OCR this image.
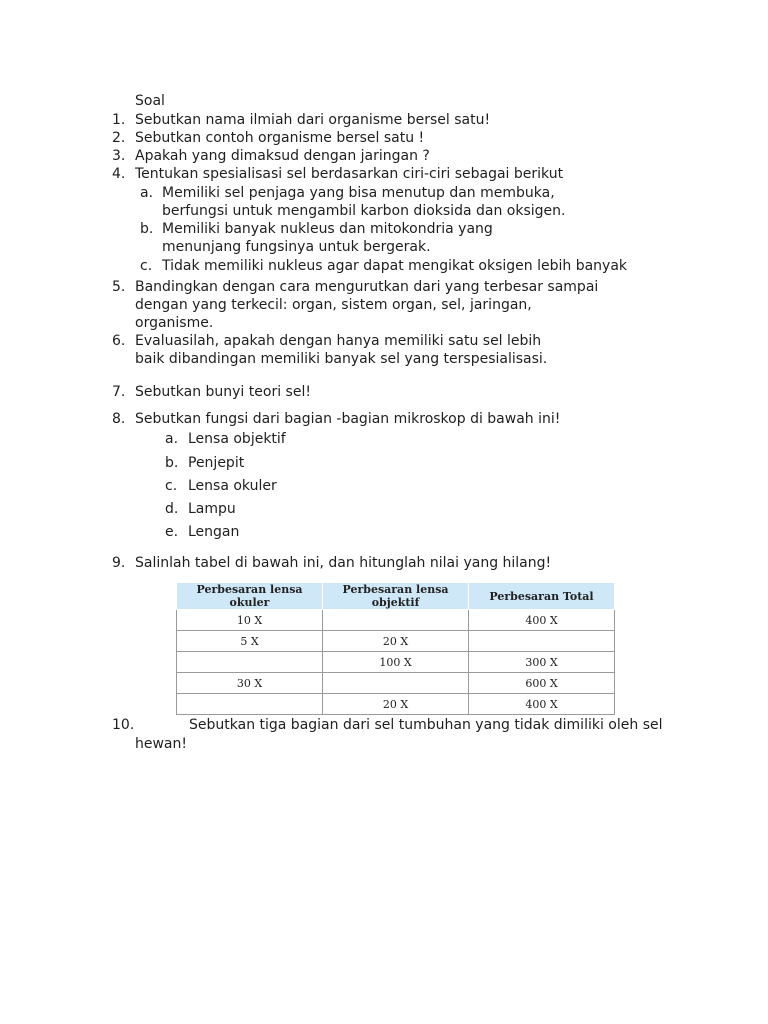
Soal
1. Sebutkan nama ilmiah dari organisme bersel satu!
2. Sebutkan contoh organisme bersel satu !
3. Apakah yang dimaksud dengan jaringan ?
4. Tentukan spesialisasi sel berdasarkan ciri-ciri sebagai berikut
a. Memiliki sel penjaga yang bisa menutup dan membuka,
berfungsi untuk mengambil karbon dioksida dan oksigen.
b. Memiliki banyak nukleus dan mitokondria yang
menunjang fungsinya untuk bergerak.
c. Tidak memiliki nukleus agar dapat mengikat oksigen lebih banyak
5. Bandingkan dengan cara mengurutkan dari yang terbesar sampai
dengan yang terkecil: organ, sistem organ, sel, jaringan,
organisme.
6. Evaluasilah, apakah dengan hanya memiliki satu sel lebih
baik dibandingan memiliki banyak sel yang terspesialisasi.
7. Sebutkan bunyi teori sel!
8. Sebutkan fungsi dari bagian -bagian mikroskop di bawah ini!
a. Lensa objektif
b. Penjepit
c. Lensa okuler
d. Lampu
e. Lengan
9. Salinlah tabel di bawah ini, dan hitunglah nilai yang hilang!
Perbesaran lensa okuler	Perbesaran lensa objektif	Perbesaran Total
10 X		400 X
5 X	20 X	
	100 X	300 X
30 X		600 X
	20 X	400 X
10.	Sebutkan tiga bagian dari sel tumbuhan yang tidak dimiliki oleh sel
hewan!
